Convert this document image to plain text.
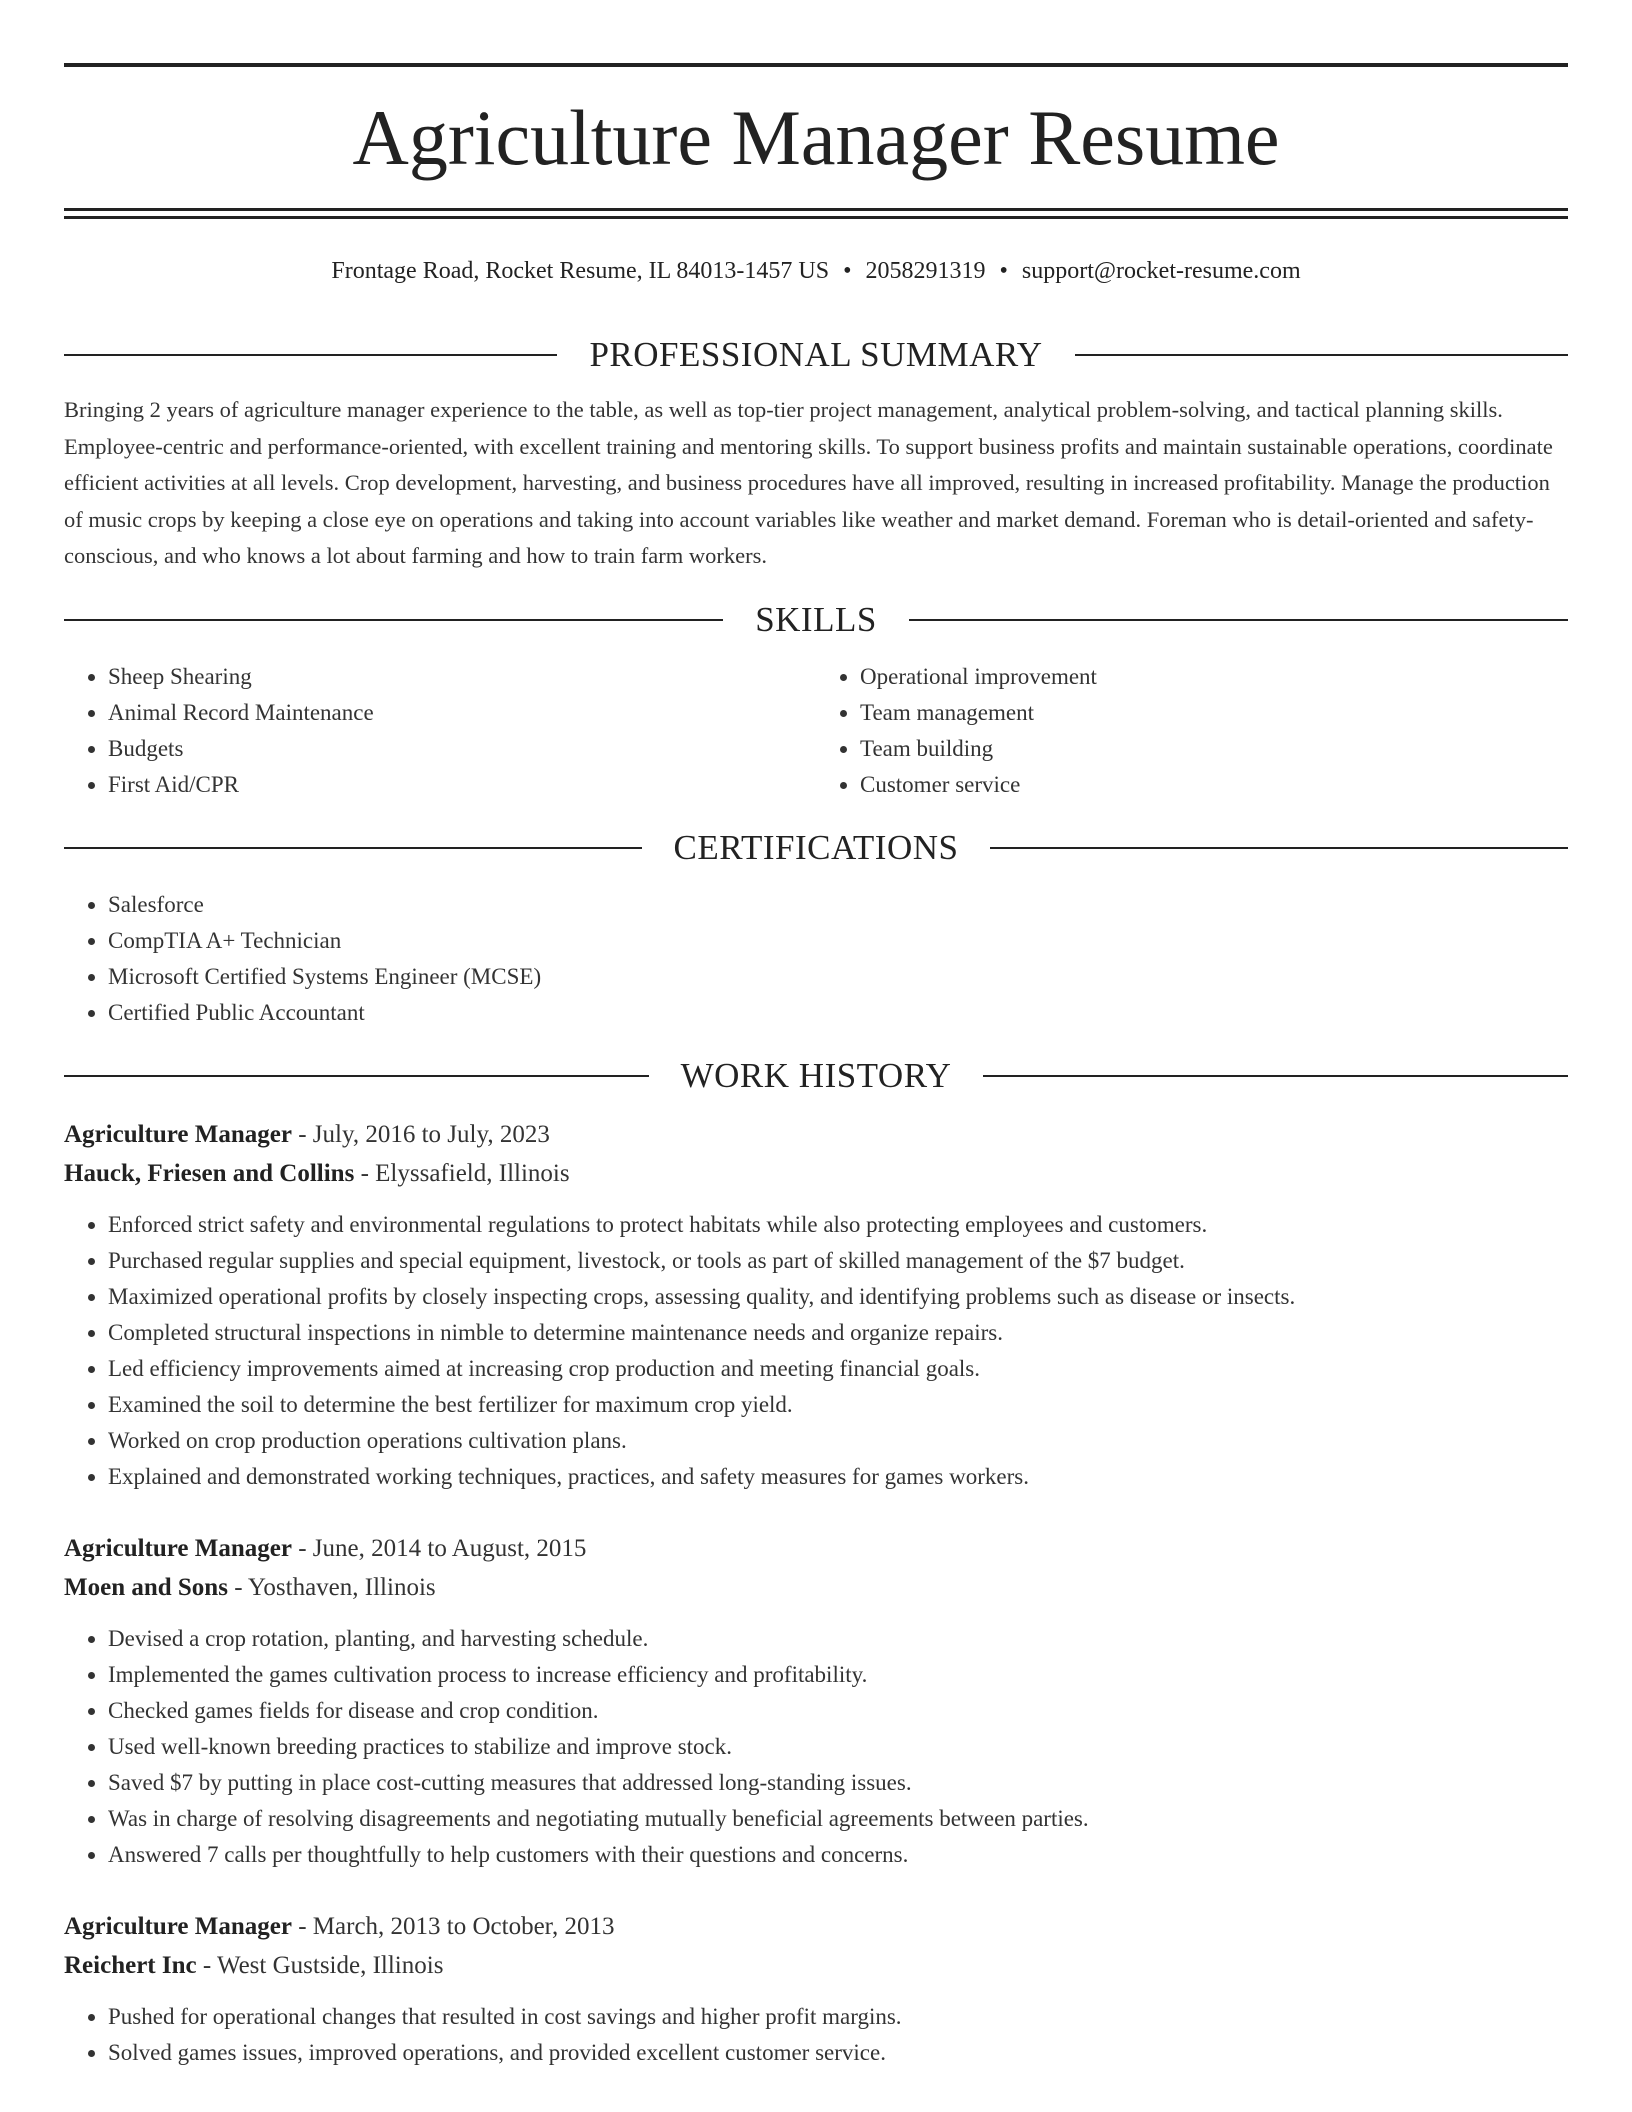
Agriculture Manager Resume
Frontage Road, Rocket Resume, IL 84013-1457 US • 2058291319 • support@rocket-resume.com
PROFESSIONAL SUMMARY

Bringing 2 years of agriculture manager experience to the table, as well as top-tier project management, analytical problem-solving, and tactical planning skills. Employee-centric and performance-oriented, with excellent training and mentoring skills. To support business profits and maintain sustainable operations, coordinate efficient activities at all levels. Crop development, harvesting, and business procedures have all improved, resulting in increased profitability. Manage the production of music crops by keeping a close eye on operations and taking into account variables like weather and market demand. Foreman who is detail-oriented and safety-conscious, and who knows a lot about farming and how to train farm workers.

SKILLS
• Sheep Shearing
• Animal Record Maintenance
• Budgets
• First Aid/CPR
• Operational improvement
• Team management
• Team building
• Customer service
CERTIFICATIONS
• Salesforce
• CompTIA A+ Technician
• Microsoft Certified Systems Engineer (MCSE)
• Certified Public Accountant
WORK HISTORY
Agriculture Manager - July, 2016 to July, 2023
Hauck, Friesen and Collins - Elyssafield, Illinois
• Enforced strict safety and environmental regulations to protect habitats while also protecting employees and customers.
• Purchased regular supplies and special equipment, livestock, or tools as part of skilled management of the $7 budget.
• Maximized operational profits by closely inspecting crops, assessing quality, and identifying problems such as disease or insects.
• Completed structural inspections in nimble to determine maintenance needs and organize repairs.
• Led efficiency improvements aimed at increasing crop production and meeting financial goals.
• Examined the soil to determine the best fertilizer for maximum crop yield.
• Worked on crop production operations cultivation plans.
• Explained and demonstrated working techniques, practices, and safety measures for games workers.
Agriculture Manager - June, 2014 to August, 2015
Moen and Sons - Yosthaven, Illinois
• Devised a crop rotation, planting, and harvesting schedule.
• Implemented the games cultivation process to increase efficiency and profitability.
• Checked games fields for disease and crop condition.
• Used well-known breeding practices to stabilize and improve stock.
• Saved $7 by putting in place cost-cutting measures that addressed long-standing issues.
• Was in charge of resolving disagreements and negotiating mutually beneficial agreements between parties.
• Answered 7 calls per thoughtfully to help customers with their questions and concerns.
Agriculture Manager - March, 2013 to October, 2013
Reichert Inc - West Gustside, Illinois
• Pushed for operational changes that resulted in cost savings and higher profit margins.
• Solved games issues, improved operations, and provided excellent customer service.
